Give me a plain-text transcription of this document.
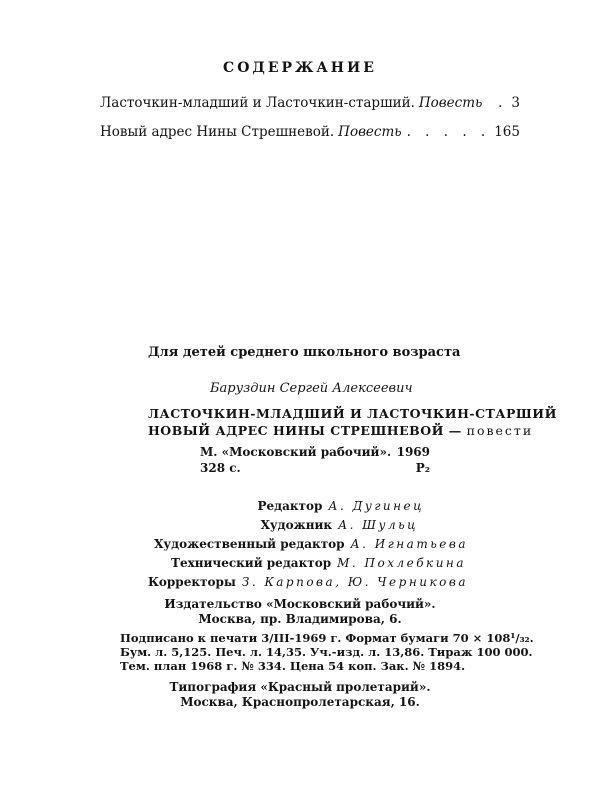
СОДЕРЖАНИЕ
Ласточкин-младший и Ласточкин-старший. Повесть	. 3
Новый адрес Нины Стрешневой. Повесть . . . . . 165
Для детей среднего школьного возраста
Баруздин Сергей Алексеевич
ЛАСТОЧКИН-МЛАДШИЙ И ЛАСТОЧКИН-СТАРШИЙ
НОВЫЙ АДРЕС НИНЫ СТРЕШНЕВОЙ — повести
М. «Московский рабочий». 1969
328 с.	Р₂
Редактор А. Дугинец
Художник А. Шульц
Художественный редактор А. Игнатьева
Технический редактор М. Похлебкина
Корректоры З. Карпова, Ю. Черникова
Издательство «Московский рабочий».
Москва, пр. Владимирова, 6.
Подписано к печати 3/III-1969 г. Формат бумаги 70 × 108¹/₃₂.
Бум. л. 5,125. Печ. л. 14,35. Уч.-изд. л. 13,86. Тираж 100 000.
Тем. план 1968 г. № 334. Цена 54 коп. Зак. № 1894.
Типография «Красный пролетарий».
Москва, Краснопролетарская, 16.
